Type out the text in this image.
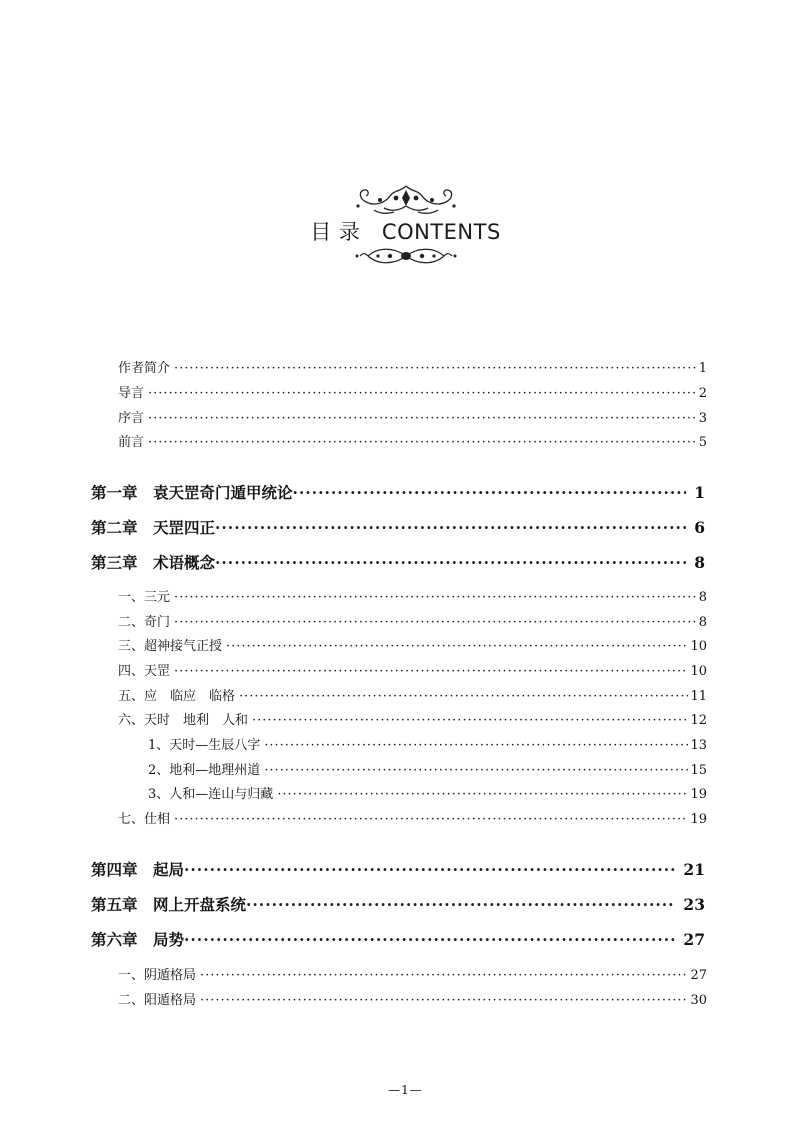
目 录   CONTENTS
作者简介 ·····	1
导言 ·····	2
序言 ·····	3
前言 ·····	5
第一章　袁天罡奇门遁甲统论 ·····	1
第二章　天罡四正 ·····	6
第三章　术语概念 ·····	8
一、三元 ·····	8
二、奇门 ·····	8
三、超神接气正授 ·····	10
四、天罡 ·····	10
五、应　临应　临格 ·····	11
六、天时　地利　人和 ·····	12
1、天时—生辰八字 ·····	13
2、地利—地理州道 ·····	15
3、人和—连山与归藏 ·····	19
七、仕相 ·····	19
第四章　起局 ·····	21
第五章　网上开盘系统 ·····	23
第六章　局势 ·····	27
一、阴遁格局 ·····	27
二、阳遁格局 ·····	30
—1—
